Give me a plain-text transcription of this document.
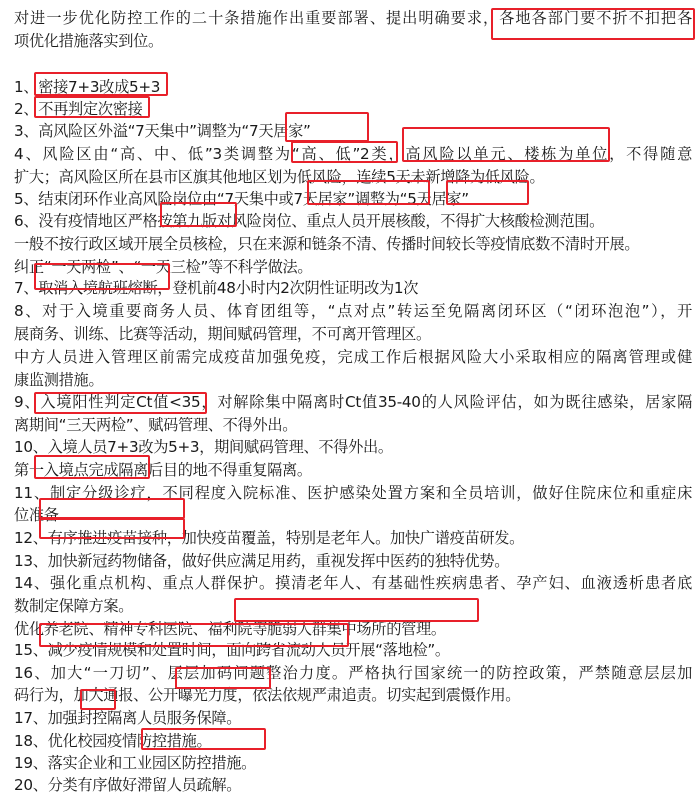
对进一步优化防控工作的二十条措施作出重要部署、提出明确要求，各地各部门要不折不扣把各
项优化措施落实到位。
1、密接7+3改成5+3
2、不再判定次密接
3、高风险区外溢“7天集中”调整为“7天居家”
4、风险区由“高、中、低”3类调整为“高、低”2类，高风险以单元、楼栋为单位，不得随意
扩大；高风险区所在县市区旗其他地区划为低风险，连续5天未新增降为低风险。
5、结束闭环作业高风险岗位由“7天集中或7天居家”调整为“5天居家”
6、没有疫情地区严格按第九版对风险岗位、重点人员开展核酸，不得扩大核酸检测范围。
一般不按行政区域开展全员核检，只在来源和链条不清、传播时间较长等疫情底数不清时开展。
纠正“一天两检”、“一天三检”等不科学做法。
7、取消入境航班熔断，登机前48小时内2次阴性证明改为1次
8、对于入境重要商务人员、体育团组等，“点对点”转运至免隔离闭环区（“闭环泡泡”），开
展商务、训练、比赛等活动，期间赋码管理，不可离开管理区。
中方人员进入管理区前需完成疫苗加强免疫，完成工作后根据风险大小采取相应的隔离管理或健
康监测措施。
9、入境阳性判定Ct值<35，对解除集中隔离时Ct值35-40的人风险评估，如为既往感染，居家隔
离期间“三天两检”、赋码管理、不得外出。
10、入境人员7+3改为5+3，期间赋码管理、不得外出。
第一入境点完成隔离后目的地不得重复隔离。
11、制定分级诊疗，不同程度入院标准、医护感染处置方案和全员培训，做好住院床位和重症床
位准备
12、有序推进疫苗接种，加快疫苗覆盖，特别是老年人。加快广谱疫苗研发。
13、加快新冠药物储备，做好供应满足用药，重视发挥中医药的独特优势。
14、强化重点机构、重点人群保护。摸清老年人、有基础性疾病患者、孕产妇、血液透析患者底
数制定保障方案。
优化养老院、精神专科医院、福利院等脆弱人群集中场所的管理。
15、减少疫情规模和处置时间，面向跨省流动人员开展“落地检”。
16、加大“一刀切”、层层加码问题整治力度。严格执行国家统一的防控政策，严禁随意层层加
码行为，加大通报、公开曝光力度，依法依规严肃追责。切实起到震慑作用。
17、加强封控隔离人员服务保障。
18、优化校园疫情防控措施。
19、落实企业和工业园区防控措施。
20、分类有序做好滞留人员疏解。
